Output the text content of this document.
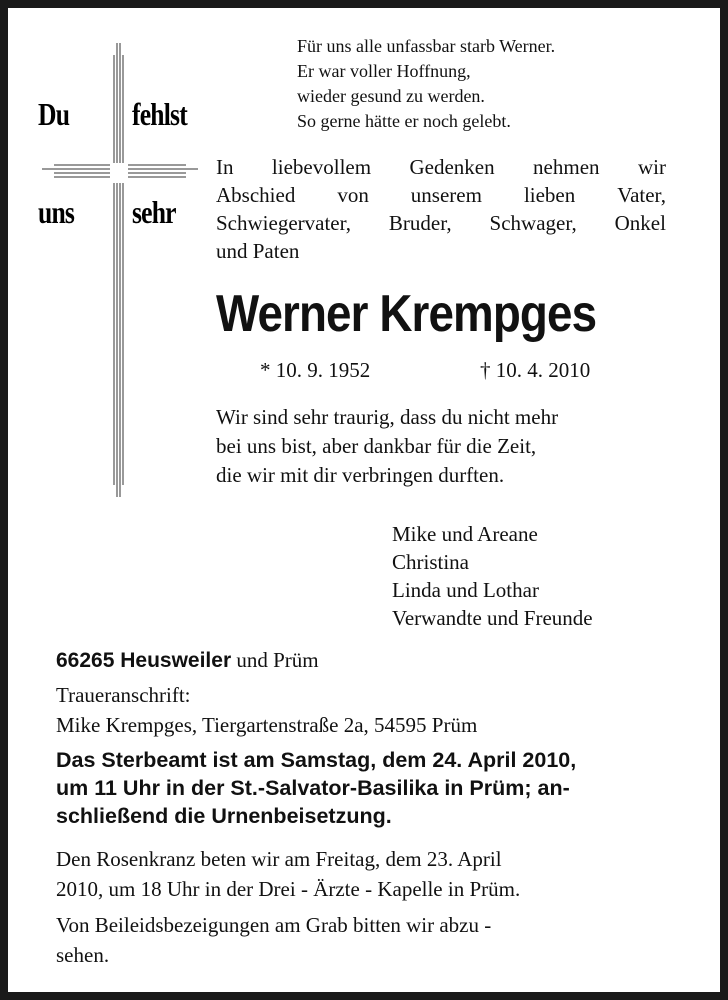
Du fehlst
uns sehr
Für uns alle unfassbar starb Werner.
Er war voller Hoffnung,
wieder gesund zu werden.
So gerne hätte er noch gelebt.
In liebevollem Gedenken nehmen wir
Abschied von unserem lieben Vater,
Schwiegervater, Bruder, Schwager, Onkel
und Paten
Werner Krempges
* 10. 9. 1952	† 10. 4. 2010
Wir sind sehr traurig, dass du nicht mehr
bei uns bist, aber dankbar für die Zeit,
die wir mit dir verbringen durften.
Mike und Areane
Christina
Linda und Lothar
Verwandte und Freunde
66265 Heusweiler und Prüm
Traueranschrift:
Mike Krempges, Tiergartenstraße 2a, 54595 Prüm
Das Sterbeamt ist am Samstag, dem 24. April 2010,
um 11 Uhr in der St.-Salvator-Basilika in Prüm; an-
schließend die Urnenbeisetzung.
Den Rosenkranz beten wir am Freitag, dem 23. April
2010, um 18 Uhr in der Drei - Ärzte - Kapelle in Prüm.
Von Beileidsbezeigungen am Grab bitten wir abzu -
sehen.
